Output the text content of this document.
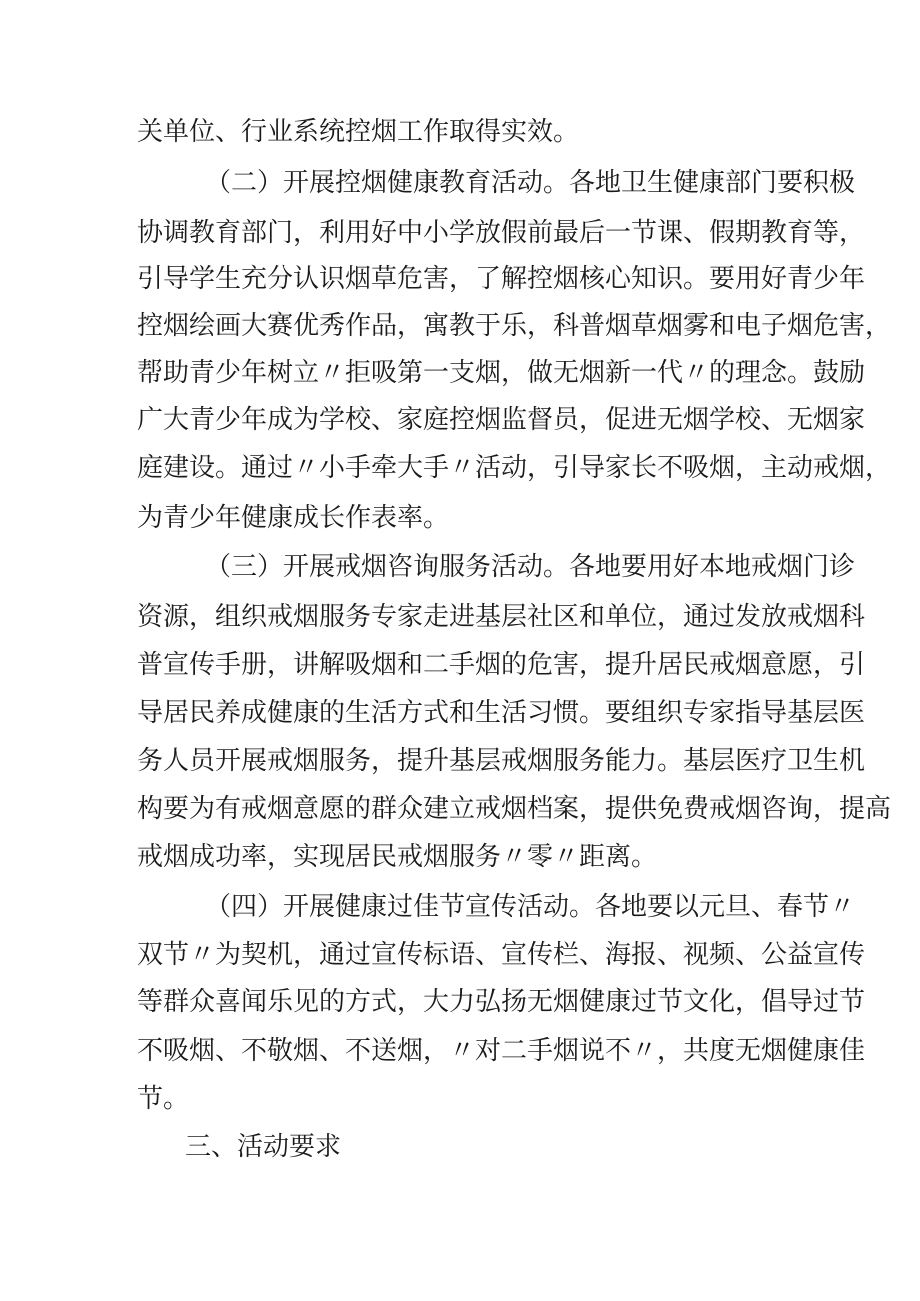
关单位、行业系统控烟工作取得实效。
（二）开展控烟健康教育活动。各地卫生健康部门要积极
协调教育部门，利用好中小学放假前最后一节课、假期教育等，
引导学生充分认识烟草危害，了解控烟核心知识。要用好青少年
控烟绘画大赛优秀作品，寓教于乐，科普烟草烟雾和电子烟危害，
帮助青少年树立〃拒吸第一支烟，做无烟新一代〃的理念。鼓励
广大青少年成为学校、家庭控烟监督员，促进无烟学校、无烟家
庭建设。通过〃小手牵大手〃活动，引导家长不吸烟，主动戒烟，
为青少年健康成长作表率。
（三）开展戒烟咨询服务活动。各地要用好本地戒烟门诊
资源，组织戒烟服务专家走进基层社区和单位，通过发放戒烟科
普宣传手册，讲解吸烟和二手烟的危害，提升居民戒烟意愿，引
导居民养成健康的生活方式和生活习惯。要组织专家指导基层医
务人员开展戒烟服务，提升基层戒烟服务能力。基层医疗卫生机
构要为有戒烟意愿的群众建立戒烟档案，提供免费戒烟咨询，提高
戒烟成功率，实现居民戒烟服务〃零〃距离。
（四）开展健康过佳节宣传活动。各地要以元旦、春节〃
双节〃为契机，通过宣传标语、宣传栏、海报、视频、公益宣传
等群众喜闻乐见的方式，大力弘扬无烟健康过节文化，倡导过节
不吸烟、不敬烟、不送烟，〃对二手烟说不〃，共度无烟健康佳
节。
三、活动要求
